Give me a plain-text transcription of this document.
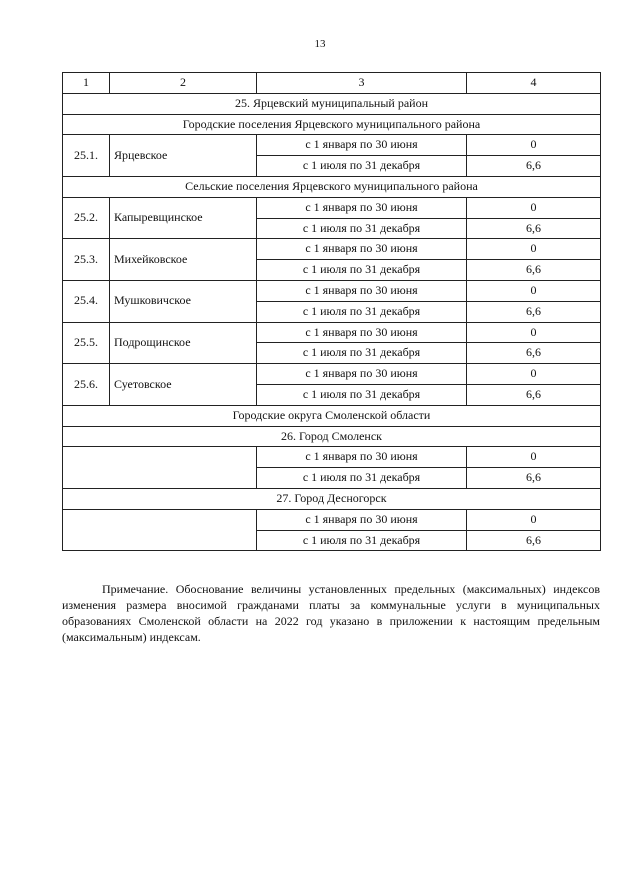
13
1	2	3	4
25. Ярцевский муниципальный район			
Городские поселения Ярцевского муниципального района			
25.1.	Ярцевское	с 1 января по 30 июня	0
		с 1 июля по 31 декабря	6,6
Сельские поселения Ярцевского муниципального района			
25.2.	Капыревщинское	с 1 января по 30 июня	0
		с 1 июля по 31 декабря	6,6
25.3.	Михейковское	с 1 января по 30 июня	0
		с 1 июля по 31 декабря	6,6
25.4.	Мушковичское	с 1 января по 30 июня	0
		с 1 июля по 31 декабря	6,6
25.5.	Подрощинское	с 1 января по 30 июня	0
		с 1 июля по 31 декабря	6,6
25.6.	Суетовское	с 1 января по 30 июня	0
		с 1 июля по 31 декабря	6,6
Городские округа Смоленской области			
26. Город Смоленск			
		с 1 января по 30 июня	0
		с 1 июля по 31 декабря	6,6
27. Город Десногорск			
		с 1 января по 30 июня	0
		с 1 июля по 31 декабря	6,6

Примечание. Обоснование величины установленных предельных (максимальных) индексов изменения размера вносимой гражданами платы за коммунальные услуги в муниципальных образованиях Смоленской области на 2022 год указано в приложении к настоящим предельным (максимальным) индексам.
